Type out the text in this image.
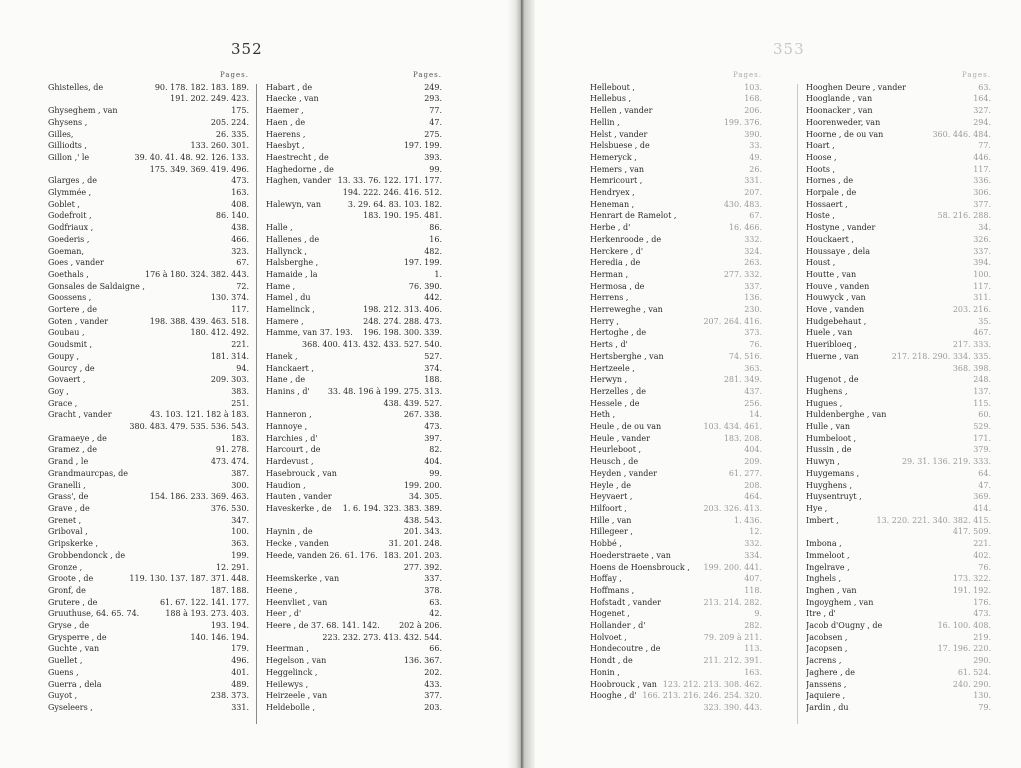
352	353
Pages.
Ghistelles, de	90. 178. 182. 183. 189.
191. 202. 249. 423.
Ghyseghem , van	175.
Ghysens ,	205. 224.
Gilles,	26. 335.
Gilliodts ,	133. 260. 301.
Gillon ,' le	39. 40. 41. 48. 92. 126. 133.
175. 349. 369. 419. 496.
Glarges , de	473.
Glymmée ,	163.
Goblet ,	408.
Godefroit ,	86. 140.
Godfriaux ,	438.
Goederis ,	466.
Goeman,	323.
Goes , vander	67.
Goethals ,	176 à 180. 324. 382. 443.
Gonsales de Saldaigne ,	72.
Goossens ,	130. 374.
Gortere , de	117.
Goten , vander	198. 388. 439. 463. 518.
Goubau ,	180. 412. 492.
Goudsmit ,	221.
Goupy ,	181. 314.
Gourcy , de	94.
Govaert ,	209. 303.
Goy ,	383.
Grace ,	251.
Gracht , vander	43. 103. 121. 182 à 183.
380. 483. 479. 535. 536. 543.
Gramaeye , de	183.
Gramez , de	91. 278.
Grand , le	473. 474.
Grandmaurcpas, de	387.
Granelli ,	300.
Grass', de	154. 186. 233. 369. 463.
Grave , de	376. 530.
Grenet ,	347.
Griboval ,	100.
Gripskerke ,	363.
Grobbendonck , de	199.
Gronze ,	12. 291.
Groote , de	119. 130. 137. 187. 371. 448.
Gronf, de	187. 188.
Grutere , de	61. 67. 122. 141. 177.
Gruuthuse, 64. 65. 74.	188 à 193. 273. 403.
Gryse , de	193. 194.
Grysperre , de	140. 146. 194.
Guchte , van	179.
Guellet ,	496.
Guens ,	401.
Guerra , dela	489.
Guyot ,	238. 373.
Gyseleers ,	331.
Pages.
Habart , de	249.
Haecke , van	293.
Haemer ,	77.
Haen , de	47.
Haerens ,	275.
Haesbyt ,	197. 199.
Haestrecht , de	393.
Haghedorne , de	99.
Haghen, vander 13. 33. 76. 122. 171. 177.
194. 222. 246. 416. 512.
Halewyn, van	3. 29. 64. 83. 103. 182.
183. 190. 195. 481.
Halle ,	86.
Hallenes , de	16.
Hallynck ,	482.
Halsberghe ,	197. 199.
Hamaide , la	1.
Hame ,	76. 390.
Hamel , du	442.
Hamelinck ,	198. 212. 313. 406.
Hamere ,	248. 274. 288. 473.
Hamme, van 37. 193.	196. 198. 300. 339.
368. 400. 413. 432. 433. 527. 540.
Hanek ,	527.
Hanckaert ,	374.
Hane , de	188.
Hanins , d'	33. 48. 196 à 199. 275. 313.
438. 439. 527.
Hanneron ,	267. 338.
Hannoye ,	473.
Harchies , d'	397.
Harcourt , de	82.
Hardevust ,	404.
Hasebrouck , van	99.
Haudion ,	199. 200.
Hauten , vander	34. 305.
Haveskerke , de	1. 6. 194. 323. 383. 389.
438. 543.
Haynin , de	201. 343.
Hecke , vanden	31. 201. 248.
Heede, vanden 26. 61. 176. 183. 201. 203.
277. 392.
Heemskerke , van	337.
Heene ,	378.
Heenvliet , van	63.
Heer , d'	42.
Heere , de 37. 68. 141. 142.	202 à 206.
223. 232. 273. 413. 432. 544.
Heerman ,	66.
Hegelson , van	136. 367.
Heggelinck ,	202.
Heilewys ,	433.
Heirzeele , van	377.
Heldebolle ,	203.
Pages.
Hellebout ,	103.
Hellebus ,	168.
Hellen , vander	206.
Hellin ,	199. 376.
Helst , vander	390.
Helsbuese , de	33.
Hemeryck ,	49.
Hemers , van	26.
Hemricourt ,	331.
Hendryex ,	207.
Heneman ,	430. 483.
Henrart de Ramelot ,	67.
Herbe , d'	16. 466.
Herkenroode , de	332.
Herckere , d'	324.
Heredia , de	263.
Herman ,	277. 332.
Hermosa , de	337.
Herrens ,	136.
Herreweghe , van	230.
Herry ,	207. 264. 416.
Hertoghe , de	373.
Herts , d'	76.
Hertsberghe , van	74. 516.
Hertzeele ,	363.
Herwyn ,	281. 349.
Herzelles , de	437.
Hessele , de	256.
Heth ,	14.
Heule , de ou van	103. 434. 461.
Heule , vander	183. 208.
Heurleboot ,	404.
Heusch , de	209.
Heyden , vander	61. 277.
Heyle , de	208.
Heyvaert ,	464.
Hilfoort ,	203. 326. 413.
Hille , van	1. 436.
Hillegeer ,	12.
Hobbé ,	332.
Hoederstraete , van	334.
Hoens de Hoensbrouck ,	199. 200. 441.
Hoffay ,	407.
Hoffmans ,	118.
Hofstadt , vander	213. 214. 282.
Hogenet ,	9.
Hollander , d'	282.
Holvoet ,	79. 209 à 211.
Hondecoutre , de	113.
Hondt , de	211. 212. 391.
Honin ,	163.
Hoobrouck , van 123. 212. 213. 308. 462.
Hooghe , d' 166. 213. 216. 246. 254. 320.
323. 390. 443.
Pages.
Hooghen Deure , vander	63.
Hooglande , van	164.
Hoonacker , van	327.
Hoorenweder, van	294.
Hoorne , de ou van	360. 446. 484.
Hoart ,	77.
Hoose ,	446.
Hoots ,	117.
Hornes , de	336.
Horpale , de	306.
Hossaert ,	377.
Hoste ,	58. 216. 288.
Hostyne , vander	34.
Houckaert ,	326.
Houssaye , dela	337.
Houst ,	394.
Houtte , van	100.
Houve , vanden	117.
Houwyck , van	311.
Hove , vanden	203. 216.
Hudgebehaut ,	35.
Huele , van	467.
Hueribloeq ,	217. 333.
Huerne , van	217. 218. 290. 334. 335.
368. 398.
Hugenot , de	248.
Hughens ,	137.
Hugues ,	115.
Huldenberghe , van	60.
Hulle , van	529.
Humbeloot ,	171.
Hussin , de	379.
Huwyn ,	29. 31. 136. 219. 333.
Huygemans ,	64.
Huyghens ,	47.
Huysentruyt ,	369.
Hye ,	414.
Imbert ,	13. 220. 221. 340. 382. 415.
417. 509.
Imbona ,	221.
Immeloot ,	402.
Ingelrave ,	76.
Inghels ,	173. 322.
Inghen , van	191. 192.
Ingoyghem , van	176.
Itre , d'	473.
Jacob d'Ougny , de	16. 100. 408.
Jacobsen ,	219.
Jacopsen ,	17. 196. 220.
Jacrens ,	290.
Jaghere , de	61. 524.
Janssens ,	240. 290.
Jaquiere ,	130.
Jardin , du	79.
